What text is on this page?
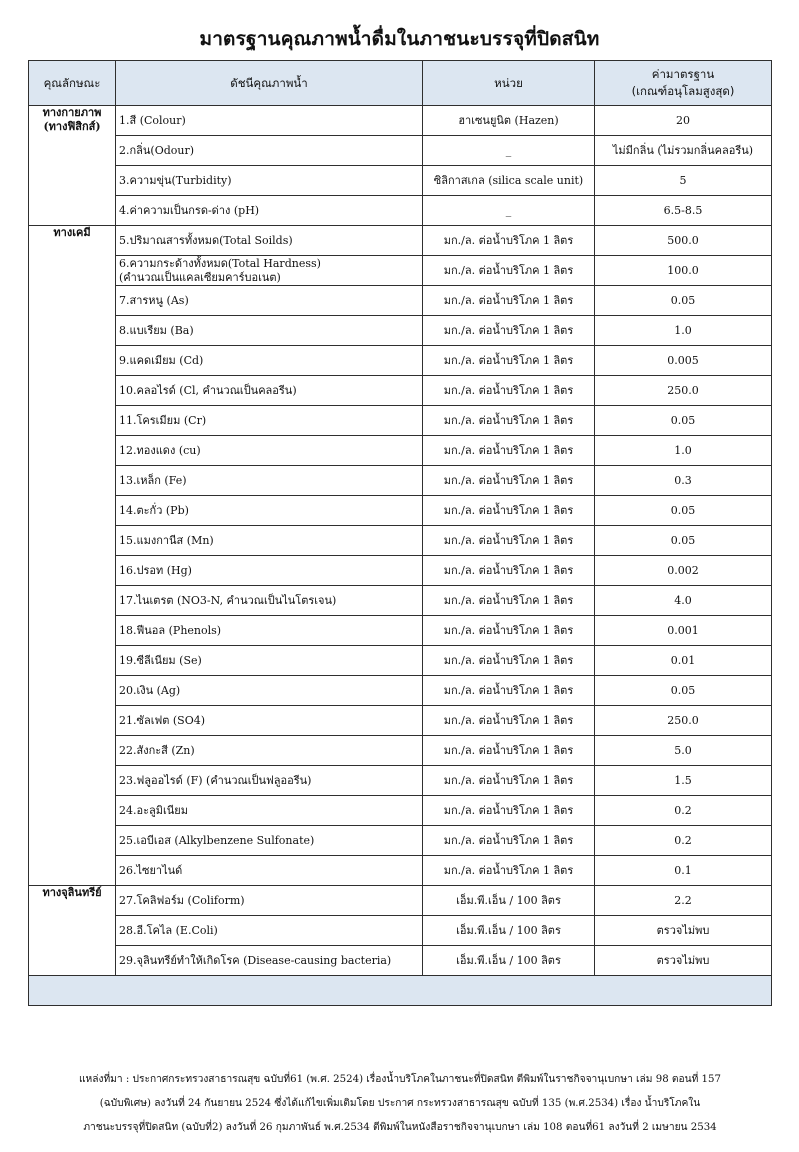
มาตรฐานคุณภาพน้ำดื่มในภาชนะบรรจุที่ปิดสนิท
คุณลักษณะ	ดัชนีคุณภาพน้ำ	หน่วย	ค่ามาตรฐาน
(เกณฑ์อนุโลมสูงสุด)

ทางกายภาพ
(ทางฟิสิกส์)	1.สี (Colour)	ฮาเซนยูนิต (Hazen)	20

	2.กลิ่น(Odour)	_	ไม่มีกลิ่น (ไม่รวมกลิ่นคลอรีน)

	3.ความขุ่น(Turbidity)	ซิลิกาสเกล (silica scale unit)	5

	4.ค่าความเป็นกรด-ด่าง (pH)	_	6.5-8.5

ทางเคมี	5.ปริมาณสารทั้งหมด(Total Soilds)	มก./ล. ต่อน้ำบริโภค 1 ลิตร	500.0

	6.ความกระด้างทั้งหมด(Total Hardness)
(คำนวณเป็นแคลเซียมคาร์บอเนต)	มก./ล. ต่อน้ำบริโภค 1 ลิตร	100.0

	7.สารหนู (As)	มก./ล. ต่อน้ำบริโภค 1 ลิตร	0.05

	8.แบเรียม (Ba)	มก./ล. ต่อน้ำบริโภค 1 ลิตร	1.0

	9.แคดเมียม (Cd)	มก./ล. ต่อน้ำบริโภค 1 ลิตร	0.005

	10.คลอไรด์ (Cl, คำนวณเป็นคลอรีน)	มก./ล. ต่อน้ำบริโภค 1 ลิตร	250.0

	11.โครเมียม (Cr)	มก./ล. ต่อน้ำบริโภค 1 ลิตร	0.05

	12.ทองแดง (cu)	มก./ล. ต่อน้ำบริโภค 1 ลิตร	1.0

	13.เหล็ก (Fe)	มก./ล. ต่อน้ำบริโภค 1 ลิตร	0.3

	14.ตะกั่ว (Pb)	มก./ล. ต่อน้ำบริโภค 1 ลิตร	0.05

	15.แมงกานีส (Mn)	มก./ล. ต่อน้ำบริโภค 1 ลิตร	0.05

	16.ปรอท (Hg)	มก./ล. ต่อน้ำบริโภค 1 ลิตร	0.002

	17.ไนเตรต (NO3-N, คำนวณเป็นไนโตรเจน)	มก./ล. ต่อน้ำบริโภค 1 ลิตร	4.0

	18.ฟีนอล (Phenols)	มก./ล. ต่อน้ำบริโภค 1 ลิตร	0.001

	19.ซีลีเนียม (Se)	มก./ล. ต่อน้ำบริโภค 1 ลิตร	0.01

	20.เงิน (Ag)	มก./ล. ต่อน้ำบริโภค 1 ลิตร	0.05

	21.ซัลเฟต (SO4)	มก./ล. ต่อน้ำบริโภค 1 ลิตร	250.0

	22.สังกะสี (Zn)	มก./ล. ต่อน้ำบริโภค 1 ลิตร	5.0

	23.ฟลูออไรด์ (F) (คำนวณเป็นฟลูออรีน)	มก./ล. ต่อน้ำบริโภค 1 ลิตร	1.5

	24.อะลูมิเนียม	มก./ล. ต่อน้ำบริโภค 1 ลิตร	0.2

	25.เอบีเอส (Alkylbenzene Sulfonate)	มก./ล. ต่อน้ำบริโภค 1 ลิตร	0.2

	26.ไซยาไนด์	มก./ล. ต่อน้ำบริโภค 1 ลิตร	0.1

ทางจุลินทรีย์	27.โคลิฟอร์ม (Coliform)	เอ็ม.พี.เอ็น / 100 ลิตร	2.2

	28.อี.โคไล (E.Coli)	เอ็ม.พี.เอ็น / 100 ลิตร	ตรวจไม่พบ

	29.จุลินทรีย์ทำให้เกิดโรค (Disease-causing bacteria)	เอ็ม.พี.เอ็น / 100 ลิตร	ตรวจไม่พบ

แหล่งที่มา : ประกาศกระทรวงสาธารณสุข ฉบับที่61 (พ.ศ. 2524) เรื่องน้ำบริโภคในภาชนะที่ปิดสนิท ตีพิมพ์ในราชกิจจานุเบกษา เล่ม 98 ตอนที่ 157
(ฉบับพิเศษ) ลงวันที่ 24 กันยายน 2524 ซึ่งได้แก้ไขเพิ่มเติมโดย ประกาศ กระทรวงสาธารณสุข ฉบับที่ 135 (พ.ศ.2534) เรื่อง น้ำบริโภคใน
ภาชนะบรรจุที่ปิดสนิท (ฉบับที่2) ลงวันที่ 26 กุมภาพันธ์ พ.ศ.2534 ตีพิมพ์ในหนังสือราชกิจจานุเบกษา เล่ม 108 ตอนที่61 ลงวันที่ 2 เมษายน 2534
